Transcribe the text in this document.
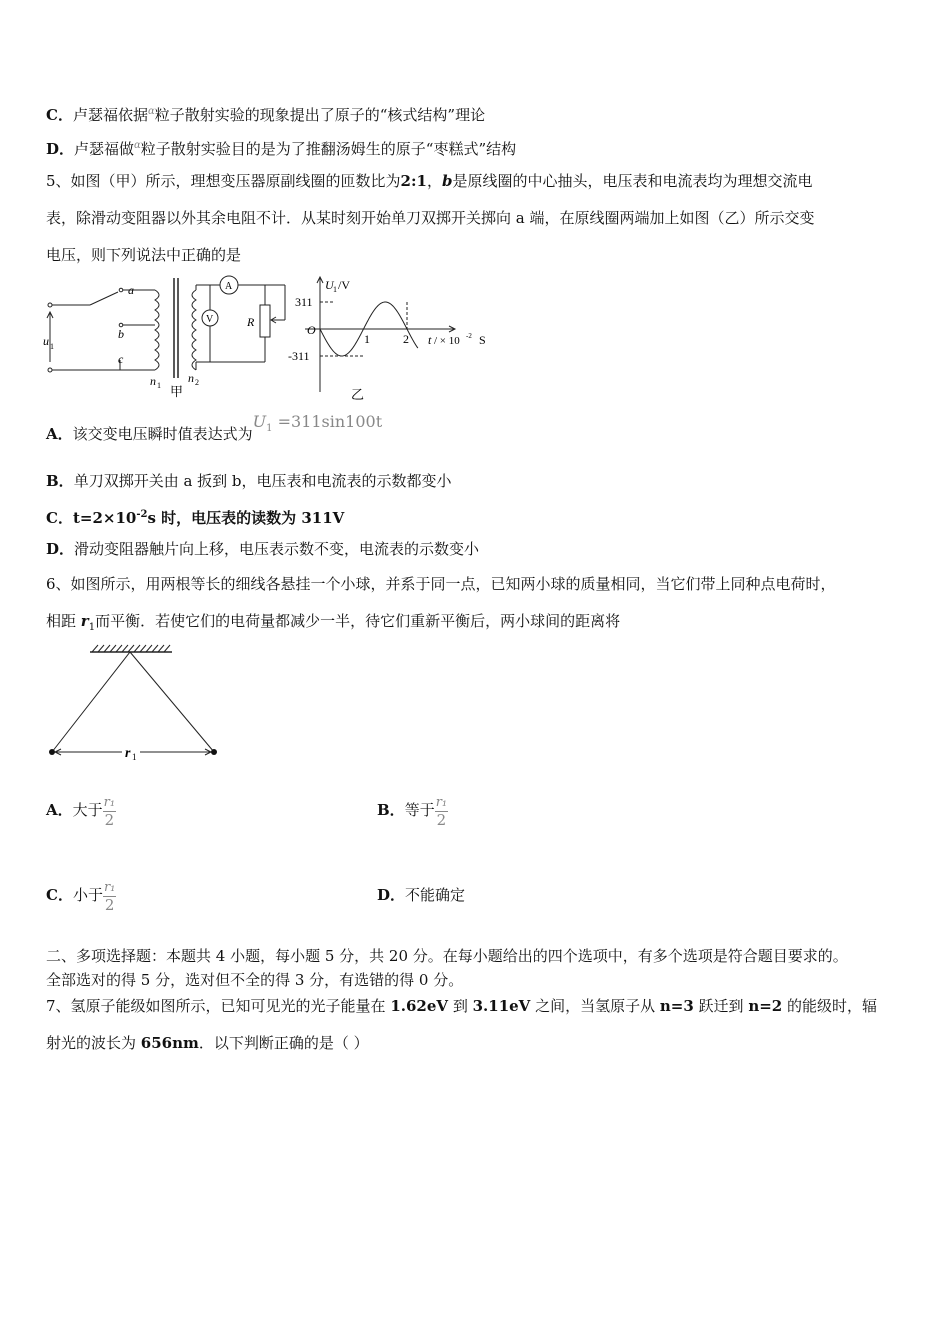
C．卢瑟福依据$^\alpha$粒子散射实验的现象提出了原子的“核式结构”理论
D．卢瑟福做$^\alpha$粒子散射实验目的是为了推翻汤姆生的原子“枣糕式”结构
5、如图（甲）所示，理想变压器原副线圈的匝数比为2:1，b是原线圈的中心抽头，电压表和电流表均为理想交流电
表，除滑动变阻器以外其余电阻不计．从某时刻开始单刀双掷开关掷向 a 端，在原线圈两端加上如图（乙）所示交变
电压，则下列说法中正确的是
a
b
c
u 1
n 1
n 2
A
V	R
甲
U 1 /V
311
-311
O
1	2 t / × 10 -2 S
乙
A．该交变电压瞬时值表达式为$U_1 =311\sin 100t$
B．单刀双掷开关由 a 扳到 b，电压表和电流表的示数都变小
C．$t=2\times 10^{-2}s$ 时，电压表的读数为 311V
D．滑动变阻器触片向上移，电压表示数不变，电流表的示数变小
6、如图所示，用两根等长的细线各悬挂一个小球，并系于同一点，已知两小球的质量相同，当它们带上同种点电荷时，
相距 $r_1$而平衡．若使它们的电荷量都减少一半，待它们重新平衡后，两小球间的距离将
r 1
A．大于 $\frac{\text{r₁}}{2}$	B．等于 $\frac{\text{r₁}}{2}$
C．小于 $\frac{\text{r₁}}{2}$	D．不能确定
二、多项选择题：本题共 4 小题，每小题 5 分，共 20 分。在每小题给出的四个选项中，有多个选项是符合题目要求的。
全部选对的得 5 分，选对但不全的得 3 分，有选错的得 0 分。
7、氢原子能级如图所示，已知可见光的光子能量在 1.62eV 到 3.11eV 之间，当氢原子从 n=3 跃迁到 n=2 的能级时，辐
射光的波长为 656nm．以下判断正确的是（ ）
